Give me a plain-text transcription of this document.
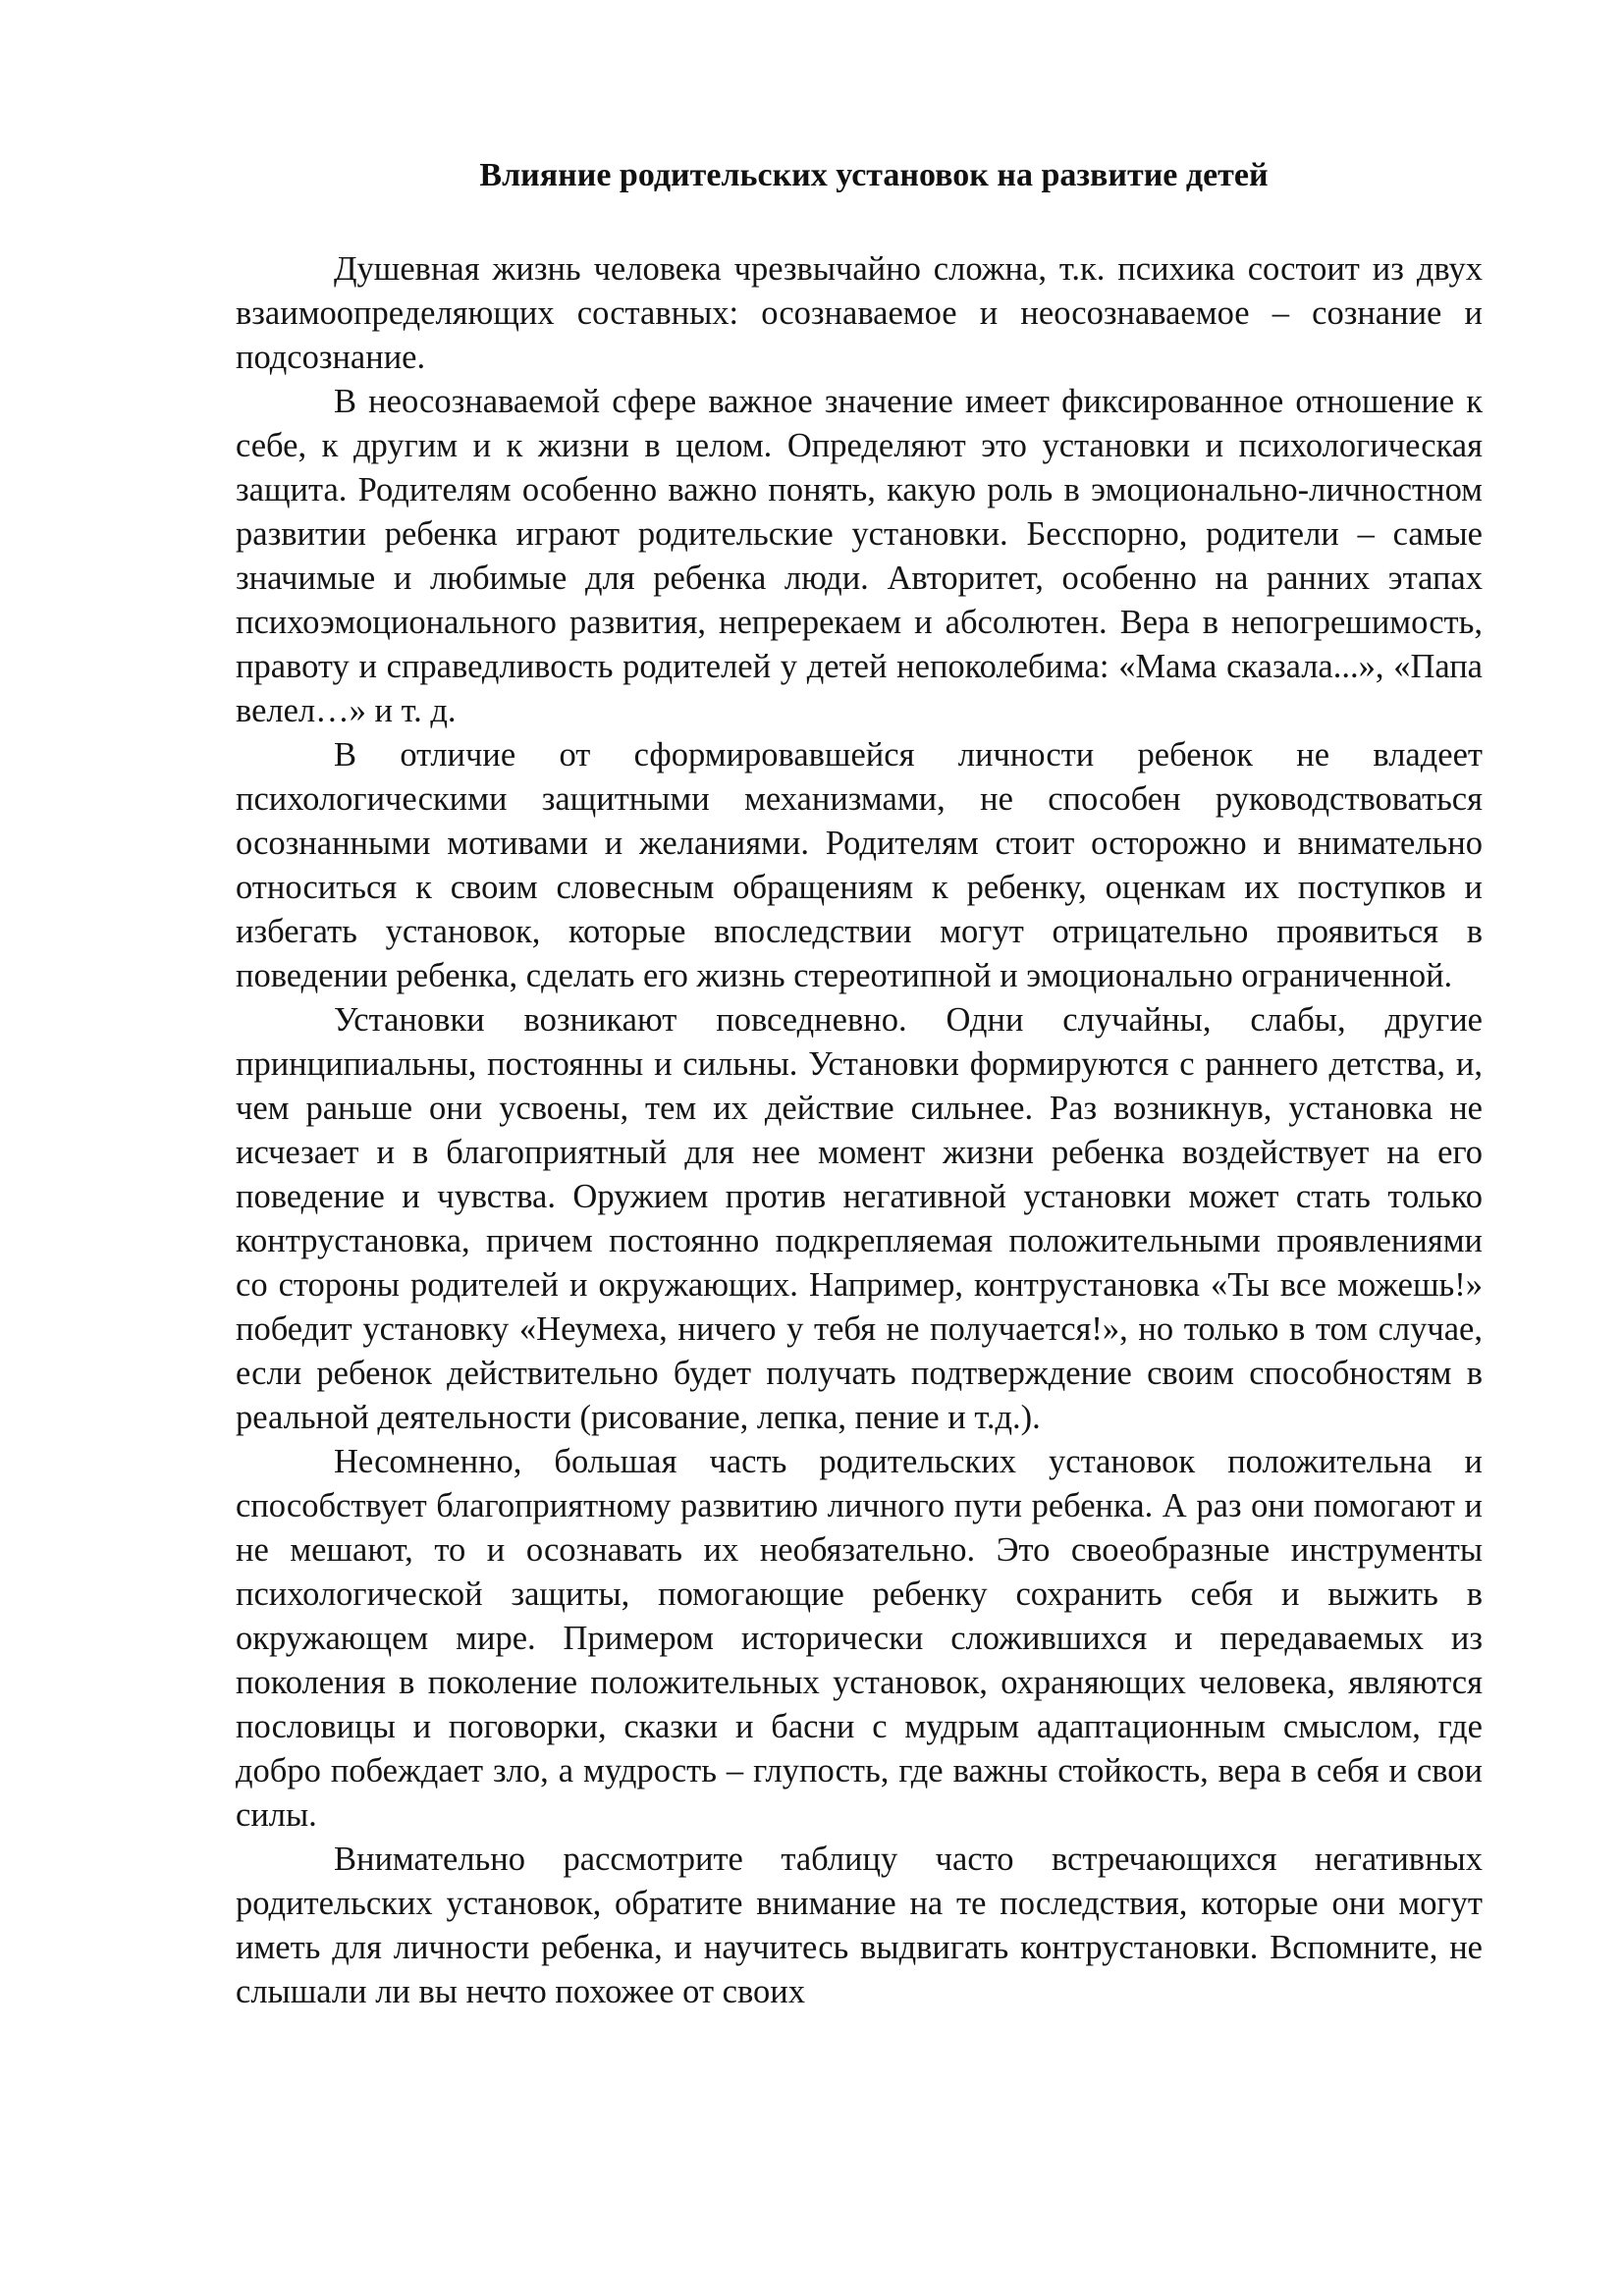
Влияние родительских установок на развитие детей

Душевная жизнь человека чрезвычайно сложна, т.к. психика состоит из двух взаимоопределяющих составных: осознаваемое и неосознаваемое – сознание и подсознание.

В неосознаваемой сфере важное значение имеет фиксированное отношение к себе, к другим и к жизни в целом. Определяют это установки и психологическая защита. Родителям особенно важно понять, какую роль в эмоционально-личностном развитии ребенка играют родительские установки. Бесспорно, родители – самые значимые и любимые для ребенка люди. Авторитет, особенно на ранних этапах психоэмоционального развития, непререкаем и абсолютен. Вера в непогрешимость, правоту и справедливость родителей у детей непоколебима: «Мама сказала...», «Папа велел…» и т. д.

В отличие от сформировавшейся личности ребенок не владеет психологическими защитными механизмами, не способен руководствоваться осознанными мотивами и желаниями. Родителям стоит осторожно и внимательно относиться к своим словесным обращениям к ребенку, оценкам их поступков и избегать установок, которые впоследствии могут отрицательно проявиться в поведении ребенка, сделать его жизнь стереотипной и эмоционально ограниченной.

Установки возникают повседневно. Одни случайны, слабы, другие принципиальны, постоянны и сильны. Установки формируются с раннего детства, и, чем раньше они усвоены, тем их действие сильнее. Раз возникнув, установка не исчезает и в благоприятный для нее момент жизни ребенка воздействует на его поведение и чувства. Оружием против негативной установки может стать только контрустановка, причем постоянно подкрепляемая положительными проявлениями со стороны родителей и окружающих. Например, контрустановка «Ты все можешь!» победит установку «Неумеха, ничего у тебя не получается!», но только в том случае, если ребенок действительно будет получать подтверждение своим способностям в реальной деятельности (рисование, лепка, пение и т.д.).

Несомненно, большая часть родительских установок положительна и способствует благоприятному развитию личного пути ребенка. А раз они помогают и не мешают, то и осознавать их необязательно. Это своеобразные инструменты психологической защиты, помогающие ребенку сохранить себя и выжить в окружающем мире. Примером исторически сложившихся и передаваемых из поколения в поколение положительных установок, охраняющих человека, являются пословицы и поговорки, сказки и басни с мудрым адаптационным смыслом, где добро побеждает зло, а мудрость – глупость, где важны стойкость, вера в себя и свои силы.

Внимательно рассмотрите таблицу часто встречающихся негативных родительских установок, обратите внимание на те последствия, которые они могут иметь для личности ребенка, и научитесь выдвигать контрустановки. Вспомните, не слышали ли вы нечто похожее от своих
